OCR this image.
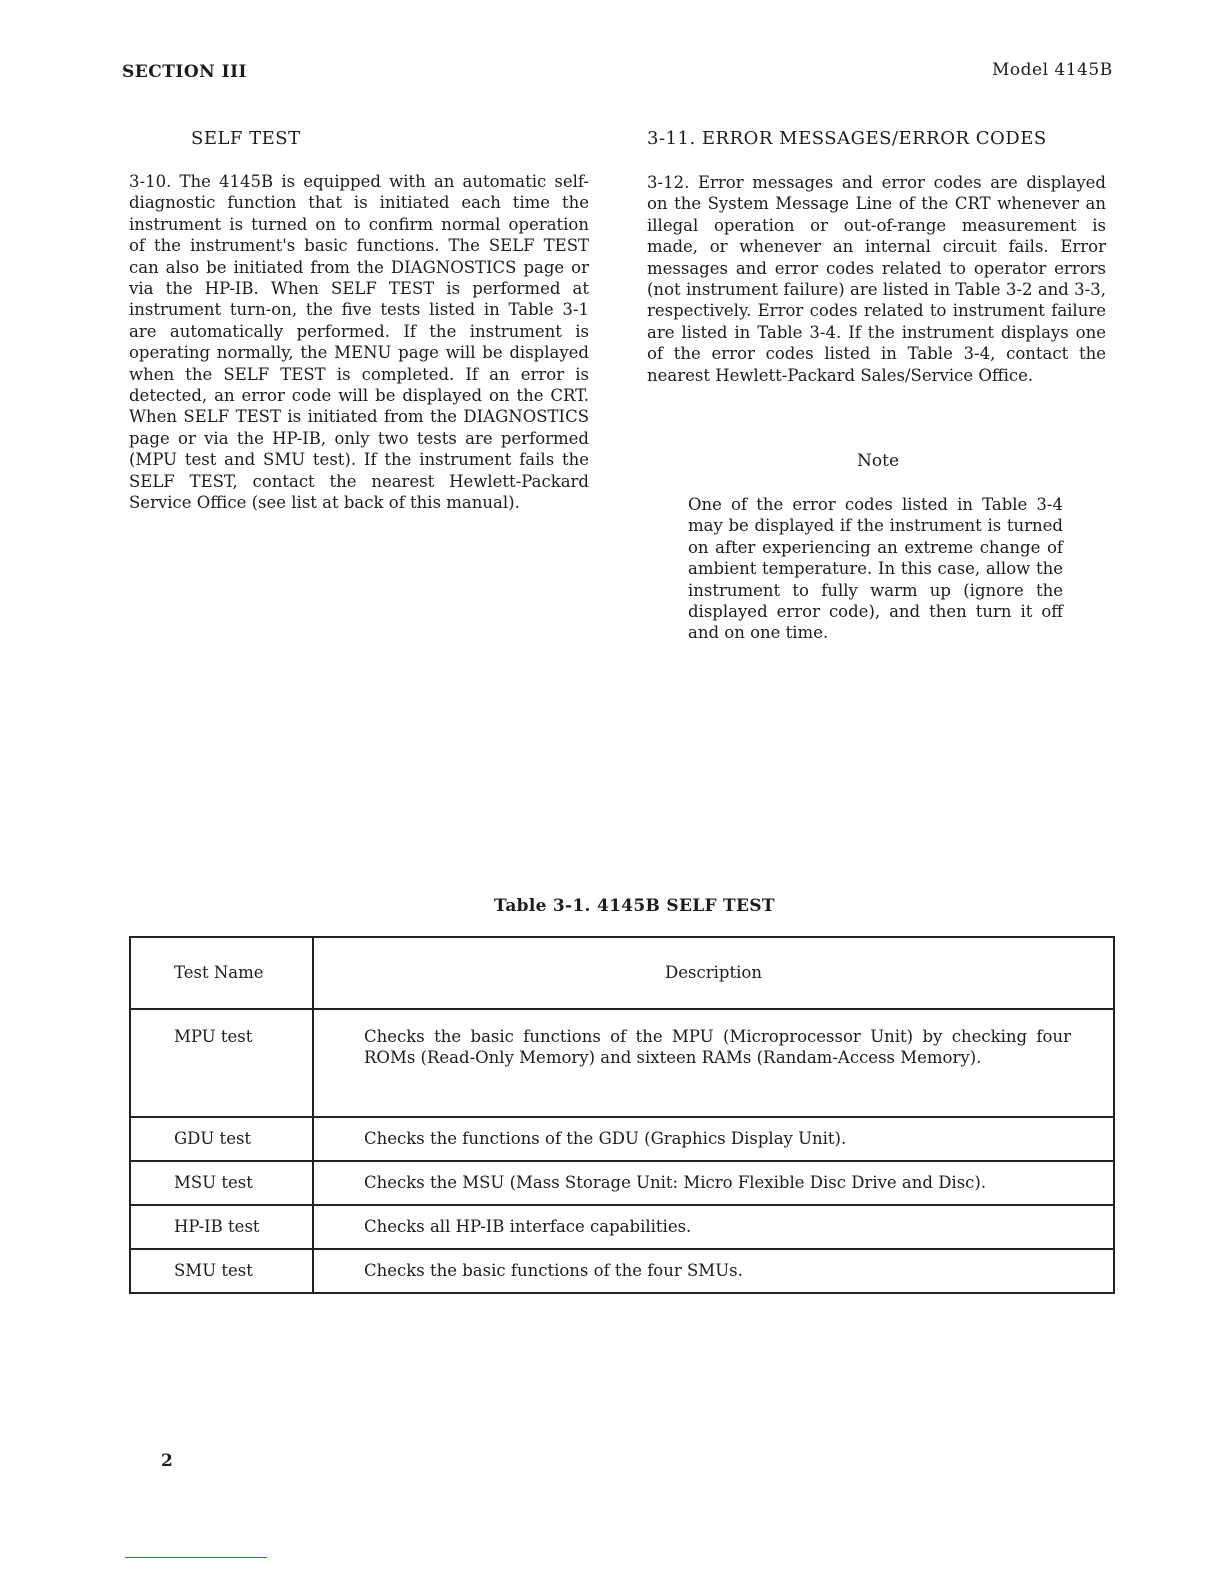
SECTION III	Model 4145B
SELF TEST
3-10. The 4145B is equipped with an automatic self-diagnostic function that is initiated each time the instrument is turned on to confirm normal operation of the instrument's basic functions. The SELF TEST can also be initiated from the DIAGNOSTICS page or via the HP-IB. When SELF TEST is performed at instrument turn-on, the five tests listed in Table 3-1 are automatically performed. If the instrument is operating normally, the MENU page will be displayed when the SELF TEST is completed. If an error is detected, an error code will be displayed on the CRT. When SELF TEST is initiated from the DIAGNOSTICS page or via the HP-IB, only two tests are performed (MPU test and SMU test). If the instrument fails the SELF TEST, contact the nearest Hewlett-Packard Service Office (see list at back of this manual).
3-11. ERROR MESSAGES/ERROR CODES
3-12. Error messages and error codes are displayed on the System Message Line of the CRT whenever an illegal operation or out-of-range measurement is made, or whenever an internal circuit fails. Error messages and error codes related to operator errors (not instrument failure) are listed in Table 3-2 and 3-3, respectively. Error codes related to instrument failure are listed in Table 3-4. If the instrument displays one of the error codes listed in Table 3-4, contact the nearest Hewlett-Packard Sales/Service Office.
Note
One of the error codes listed in Table 3-4 may be displayed if the instrument is turned on after experiencing an extreme change of ambient temperature. In this case, allow the instrument to fully warm up (ignore the displayed error code), and then turn it off and on one time.
Table 3-1. 4145B SELF TEST
Test Name	Description
MPU test	Checks the basic functions of the MPU (Microprocessor Unit) by checking four ROMs (Read-Only Memory) and sixteen RAMs (Randam-Access Memory).
GDU test	Checks the functions of the GDU (Graphics Display Unit).
MSU test	Checks the MSU (Mass Storage Unit: Micro Flexible Disc Drive and Disc).
HP-IB test	Checks all HP-IB interface capabilities.
SMU test	Checks the basic functions of the four SMUs.
2
